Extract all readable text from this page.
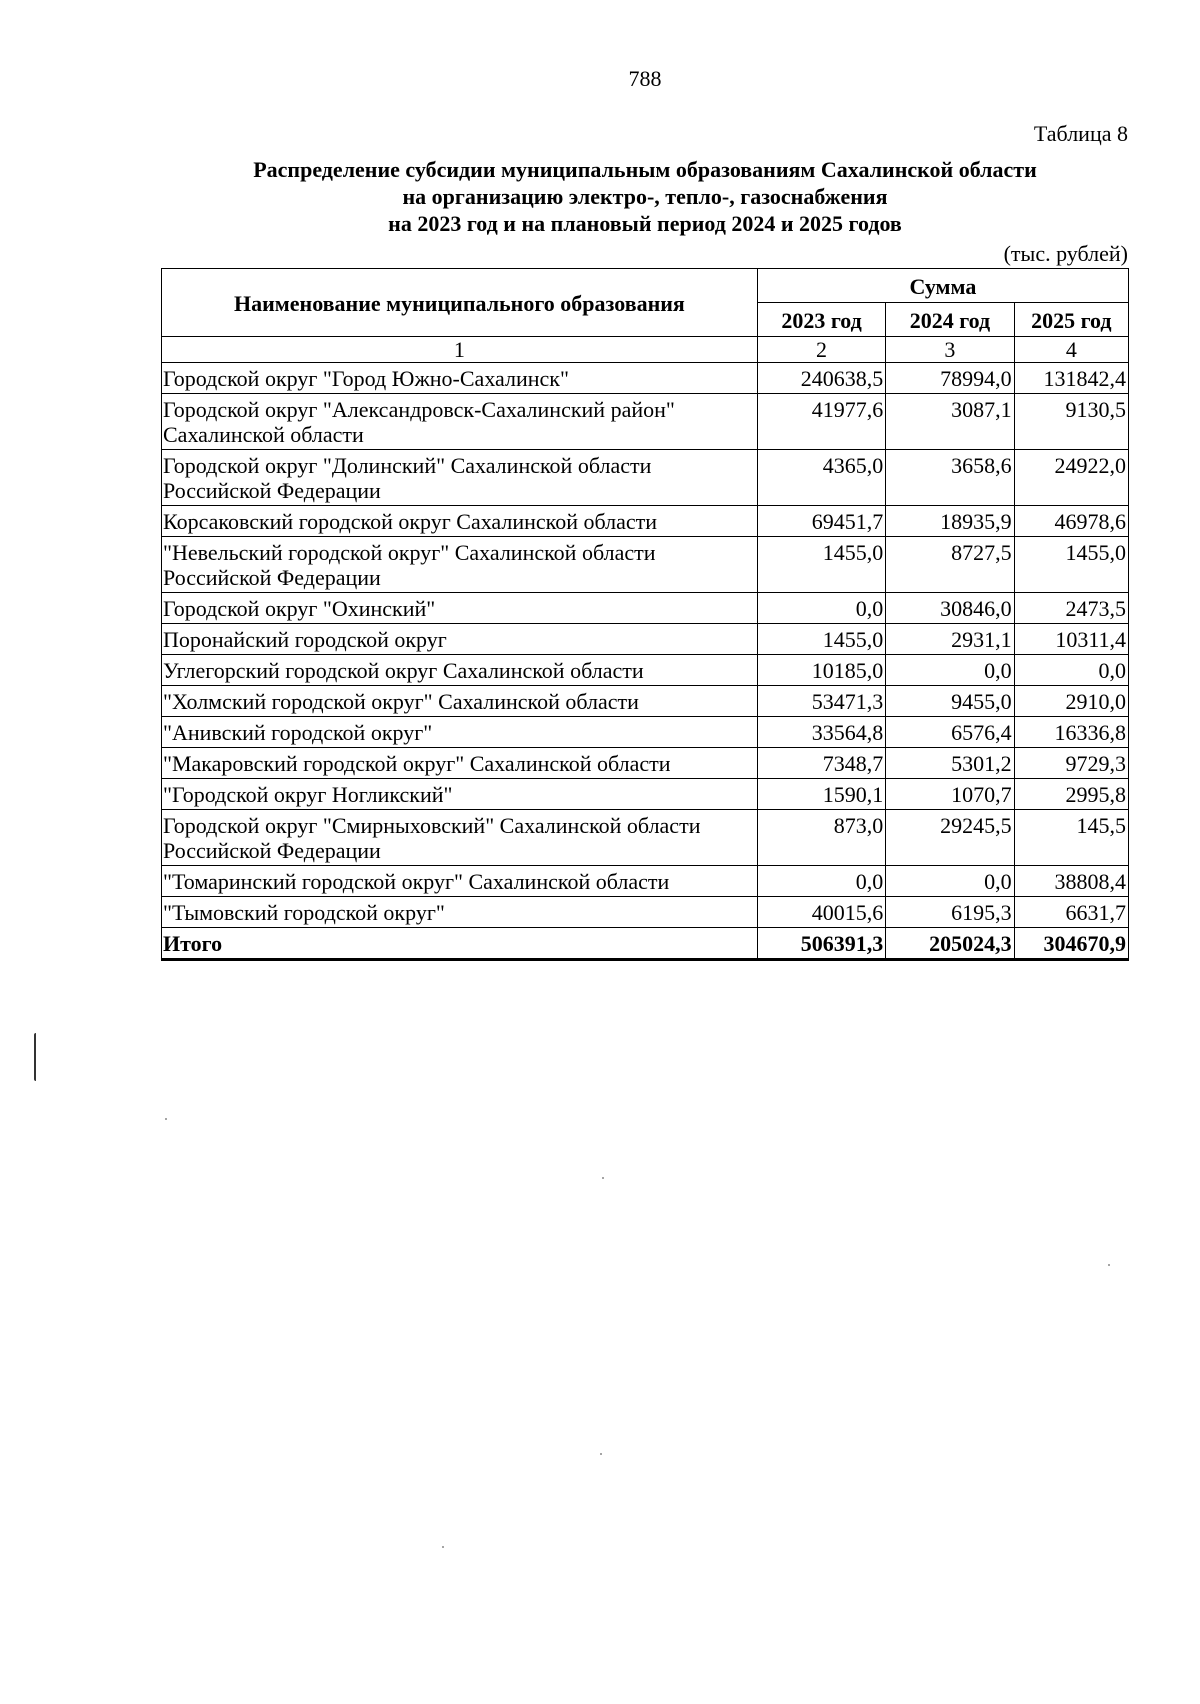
788
Таблица 8
Распределение субсидии муниципальным образованиям Сахалинской области
на организацию электро-, тепло-, газоснабжения
на 2023 год и на плановый период 2024 и 2025 годов
(тыс. рублей)
Наименование муниципального образования	Сумма		
	2023 год	2024 год	2025 год
1	2	3	4
Городской округ "Город Южно-Сахалинск"	240638,5	78994,0	131842,4
Городской округ "Александровск-Сахалинский район" Сахалинской области	41977,6	3087,1	9130,5
Городской округ "Долинский" Сахалинской области Российской Федерации	4365,0	3658,6	24922,0
Корсаковский городской округ Сахалинской области	69451,7	18935,9	46978,6
"Невельский городской округ" Сахалинской области Российской Федерации	1455,0	8727,5	1455,0
Городской округ "Охинский"	0,0	30846,0	2473,5
Поронайский городской округ	1455,0	2931,1	10311,4
Углегорский городской округ Сахалинской области	10185,0	0,0	0,0
"Холмский городской округ" Сахалинской области	53471,3	9455,0	2910,0
"Анивский городской округ"	33564,8	6576,4	16336,8
"Макаровский городской округ" Сахалинской области	7348,7	5301,2	9729,3
"Городской округ Ногликский"	1590,1	1070,7	2995,8
Городской округ "Смирныховский" Сахалинской области Российской Федерации	873,0	29245,5	145,5
"Томаринский городской округ" Сахалинской области	0,0	0,0	38808,4
"Тымовский городской округ"	40015,6	6195,3	6631,7
Итого	506391,3	205024,3	304670,9
